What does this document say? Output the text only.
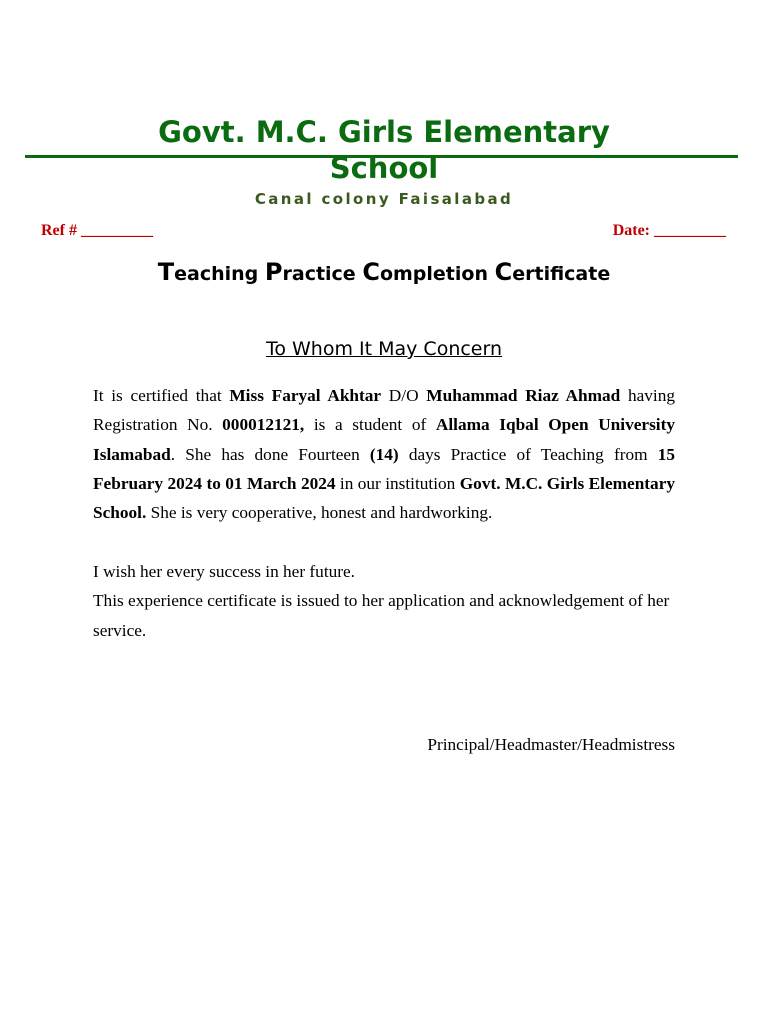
Govt. M.C. Girls Elementary School
Canal colony Faisalabad
Ref # _________	Date: _________
Teaching Practice Completion Certificate
To Whom It May Concern

It is certified that Miss Faryal Akhtar D/O Muhammad Riaz Ahmad having Registration No. 000012121, is a student of Allama Iqbal Open University Islamabad. She has done Fourteen (14) days Practice of Teaching from 15 February 2024 to 01 March 2024 in our institution Govt. M.C. Girls Elementary School. She is very cooperative, honest and hardworking.

I wish her every success in her future.
This experience certificate is issued to her application and acknowledgement of her service.

Principal/Headmaster/Headmistress
